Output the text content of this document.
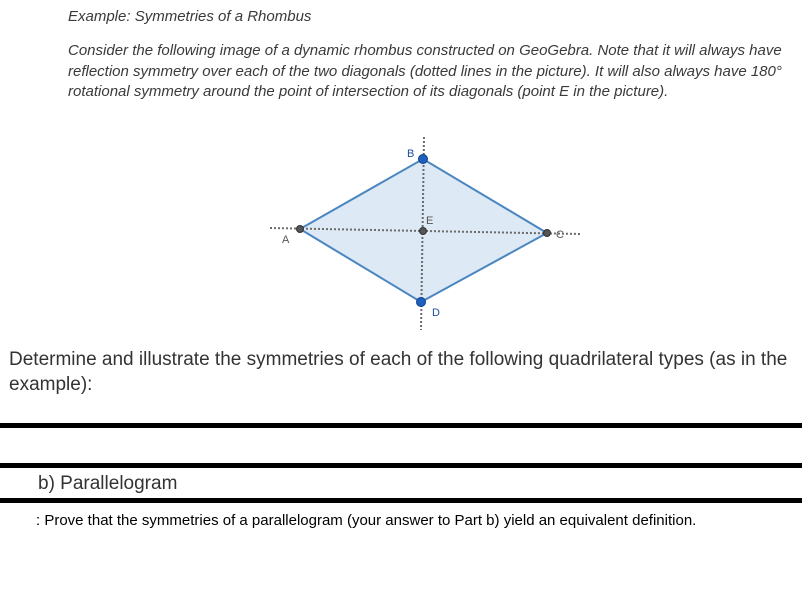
Example: Symmetries of a Rhombus
Consider the following image of a dynamic rhombus constructed on GeoGebra. Note that it will always have reflection symmetry over each of the two diagonals (dotted lines in the picture). It will also always have 180° rotational symmetry around the point of intersection of its diagonals (point E in the picture).
A
B
C
D
E
Determine and illustrate the symmetries of each of the following quadrilateral types (as in the example):
b) Parallelogram
: Prove that the symmetries of a parallelogram (your answer to Part b) yield an equivalent definition.
